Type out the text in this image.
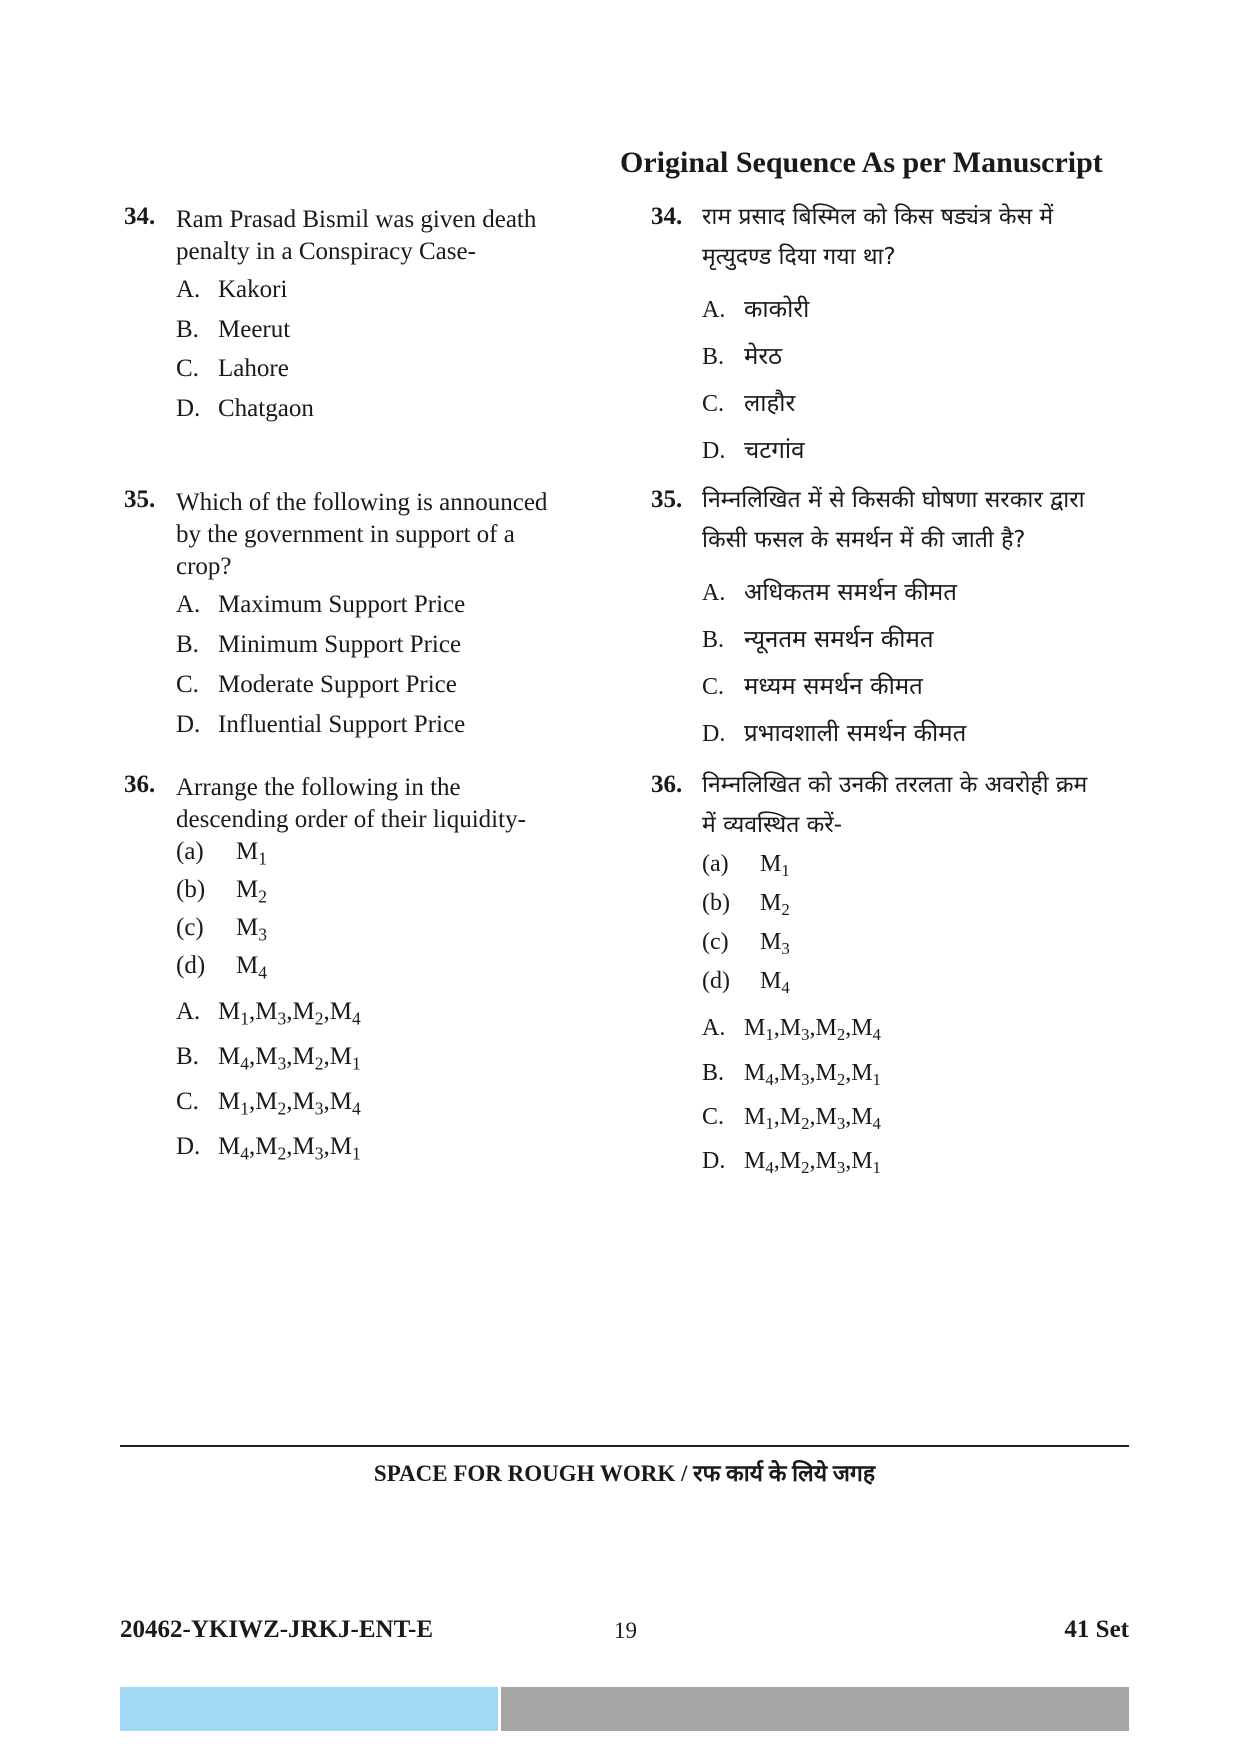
Original Sequence As per Manuscript
34. Ram Prasad Bismil was given death
penalty in a Conspiracy Case-
A. Kakori
B. Meerut
C. Lahore
D. Chatgaon
35. Which of the following is announced
by the government in support of a
crop?
A. Maximum Support Price
B. Minimum Support Price
C. Moderate Support Price
D. Influential Support Price
36. Arrange the following in the
descending order of their liquidity-
(a) $M_1$
(b) $M_2$
(c) $M_3$
(d) $M_4$
A. $M_1,M_3,M_2,M_4$
B. $M_4,M_3,M_2,M_1$
C. $M_1,M_2,M_3,M_4$
D. $M_4,M_2,M_3,M_1$
34. राम प्रसाद बिस्मिल को किस षड्यंत्र केस में
मृत्युदण्ड दिया गया था?
A. काकोरी
B. मेरठ
C. लाहौर
D. चटगांव
35. निम्नलिखित में से किसकी घोषणा सरकार द्वारा
किसी फसल के समर्थन में की जाती है?
A. अधिकतम समर्थन कीमत
B. न्यूनतम समर्थन कीमत
C. मध्यम समर्थन कीमत
D. प्रभावशाली समर्थन कीमत
36. निम्नलिखित को उनकी तरलता के अवरोही क्रम
में व्यवस्थित करें-
(a) $M_1$
(b) $M_2$
(c) $M_3$
(d) $M_4$
A. $M_1,M_3,M_2,M_4$
B. $M_4,M_3,M_2,M_1$
C. $M_1,M_2,M_3,M_4$
D. $M_4,M_2,M_3,M_1$
SPACE FOR ROUGH WORK / रफ कार्य के लिये जगह
20462-YKIWZ-JRKJ-ENT-E	19	41 Set
